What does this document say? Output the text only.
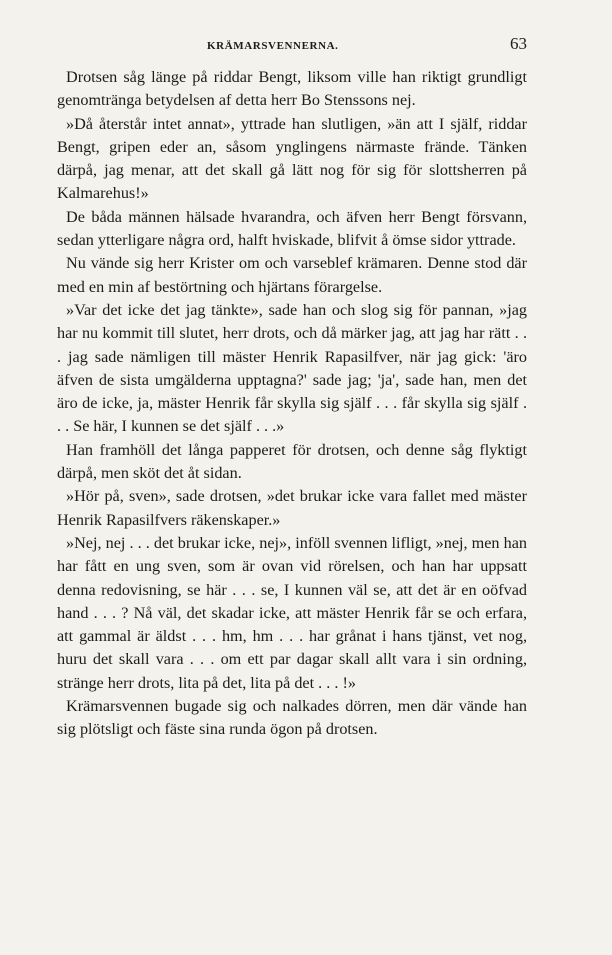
KRÄMARSVENNERNA.	63

Drotsen såg länge på riddar Bengt, liksom ville han riktigt grundligt genomtränga betydelsen af detta herr Bo Stenssons nej.

»Då återstår intet annat», yttrade han slutligen, »än att I själf, riddar Bengt, gripen eder an, såsom ynglingens närmaste frände. Tänken därpå, jag menar, att det skall gå lätt nog för sig för slottsherren på Kalmarehus!»

De båda männen hälsade hvarandra, och äfven herr Bengt försvann, sedan ytterligare några ord, halft hviskade, blifvit å ömse sidor yttrade.

Nu vände sig herr Krister om och varseblef krämaren. Denne stod där med en min af bestörtning och hjärtans förargelse.

»Var det icke det jag tänkte», sade han och slog sig för pannan, »jag har nu kommit till slutet, herr drots, och då märker jag, att jag har rätt . . . jag sade nämligen till mäster Henrik Rapasilfver, när jag gick: 'äro äfven de sista umgälderna upptagna?' sade jag; 'ja', sade han, men det äro de icke, ja, mäster Henrik får skylla sig själf . . . får skylla sig själf . . . Se här, I kunnen se det själf . . .»

Han framhöll det långa papperet för drotsen, och denne såg flyktigt därpå, men sköt det åt sidan.

»Hör på, sven», sade drotsen, »det brukar icke vara fallet med mäster Henrik Rapasilfvers räkenskaper.»

»Nej, nej . . . det brukar icke, nej», inföll svennen lifligt, »nej, men han har fått en ung sven, som är ovan vid rörelsen, och han har uppsatt denna redovisning, se här . . . se, I kunnen väl se, att det är en oöfvad hand . . . ? Nå väl, det skadar icke, att mäster Henrik får se och erfara, att gammal är äldst . . . hm, hm . . . har grånat i hans tjänst, vet nog, huru det skall vara . . . om ett par dagar skall allt vara i sin ordning, stränge herr drots, lita på det, lita på det . . . !»

Krämarsvennen bugade sig och nalkades dörren, men där vände han sig plötsligt och fäste sina runda ögon på drotsen.
